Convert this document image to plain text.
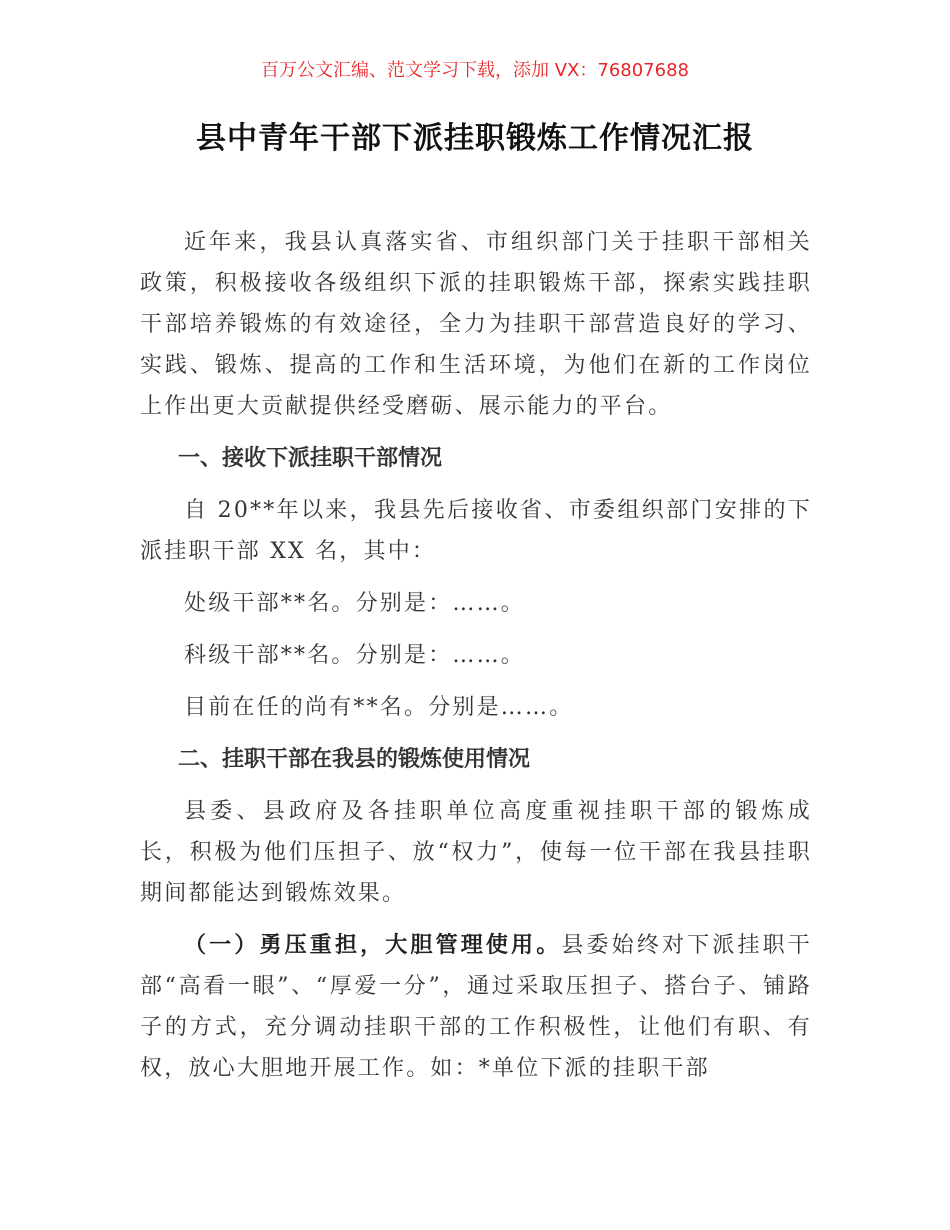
百万公文汇编、范文学习下载，添加 VX：76807688
县中青年干部下派挂职锻炼工作情况汇报

近年来，我县认真落实省、市组织部门关于挂职干部相关政策，积极接收各级组织下派的挂职锻炼干部，探索实践挂职干部培养锻炼的有效途径，全力为挂职干部营造良好的学习、实践、锻炼、提高的工作和生活环境，为他们在新的工作岗位上作出更大贡献提供经受磨砺、展示能力的平台。

一、接收下派挂职干部情况

自 20**年以来，我县先后接收省、市委组织部门安排的下派挂职干部 XX 名，其中：

处级干部**名。分别是：……。

科级干部**名。分别是：……。

目前在任的尚有**名。分别是……。

二、挂职干部在我县的锻炼使用情况

县委、县政府及各挂职单位高度重视挂职干部的锻炼成长，积极为他们压担子、放“权力”，使每一位干部在我县挂职期间都能达到锻炼效果。

（一）勇压重担，大胆管理使用。县委始终对下派挂职干部“高看一眼”、“厚爱一分”，通过采取压担子、搭台子、铺路子的方式，充分调动挂职干部的工作积极性，让他们有职、有权，放心大胆地开展工作。如：*单位下派的挂职干部
